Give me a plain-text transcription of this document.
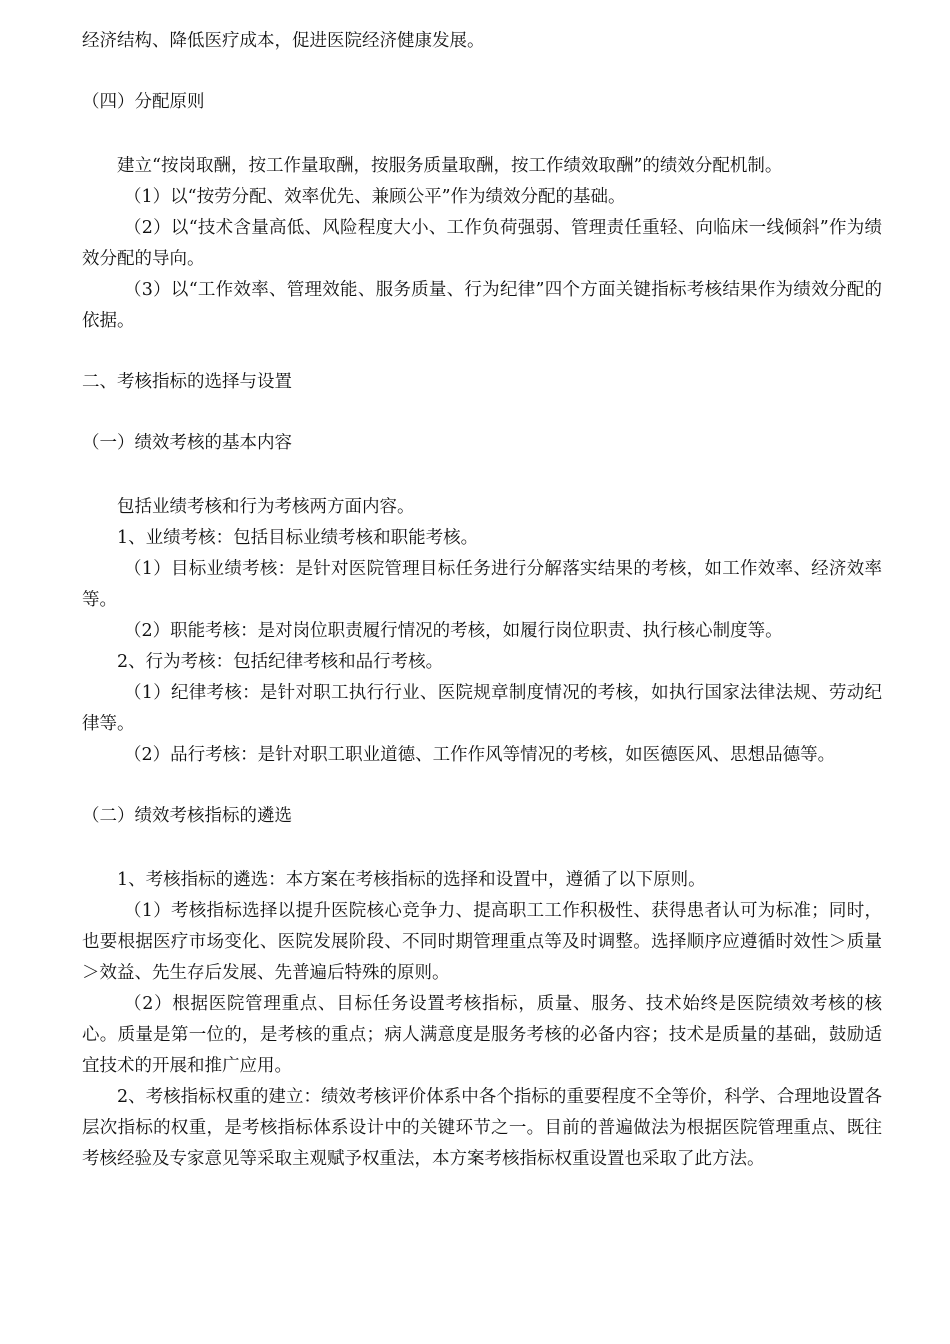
经济结构、降低医疗成本，促进医院经济健康发展。

（四）分配原则

建立“按岗取酬，按工作量取酬，按服务质量取酬，按工作绩效取酬”的绩效分配机制。

（1）以“按劳分配、效率优先、兼顾公平”作为绩效分配的基础。

（2）以“技术含量高低、风险程度大小、工作负荷强弱、管理责任重轻、向临床一线倾斜”作为绩效分配的导向。

（3）以“工作效率、管理效能、服务质量、行为纪律”四个方面关键指标考核结果作为绩效分配的依据。

二、考核指标的选择与设置

（一）绩效考核的基本内容

包括业绩考核和行为考核两方面内容。

1、业绩考核：包括目标业绩考核和职能考核。

（1）目标业绩考核：是针对医院管理目标任务进行分解落实结果的考核，如工作效率、经济效率等。

（2）职能考核：是对岗位职责履行情况的考核，如履行岗位职责、执行核心制度等。

2、行为考核：包括纪律考核和品行考核。

（1）纪律考核：是针对职工执行行业、医院规章制度情况的考核，如执行国家法律法规、劳动纪律等。

（2）品行考核：是针对职工职业道德、工作作风等情况的考核，如医德医风、思想品德等。

（二）绩效考核指标的遴选

1、考核指标的遴选：本方案在考核指标的选择和设置中，遵循了以下原则。

（1）考核指标选择以提升医院核心竞争力、提高职工工作积极性、获得患者认可为标准；同时，也要根据医疗市场变化、医院发展阶段、不同时期管理重点等及时调整。选择顺序应遵循时效性＞质量＞效益、先生存后发展、先普遍后特殊的原则。

（2）根据医院管理重点、目标任务设置考核指标，质量、服务、技术始终是医院绩效考核的核心。质量是第一位的，是考核的重点；病人满意度是服务考核的必备内容；技术是质量的基础，鼓励适宜技术的开展和推广应用。

2、考核指标权重的建立：绩效考核评价体系中各个指标的重要程度不全等价，科学、合理地设置各层次指标的权重，是考核指标体系设计中的关键环节之一。目前的普遍做法为根据医院管理重点、既往考核经验及专家意见等采取主观赋予权重法，本方案考核指标权重设置也采取了此方法。
